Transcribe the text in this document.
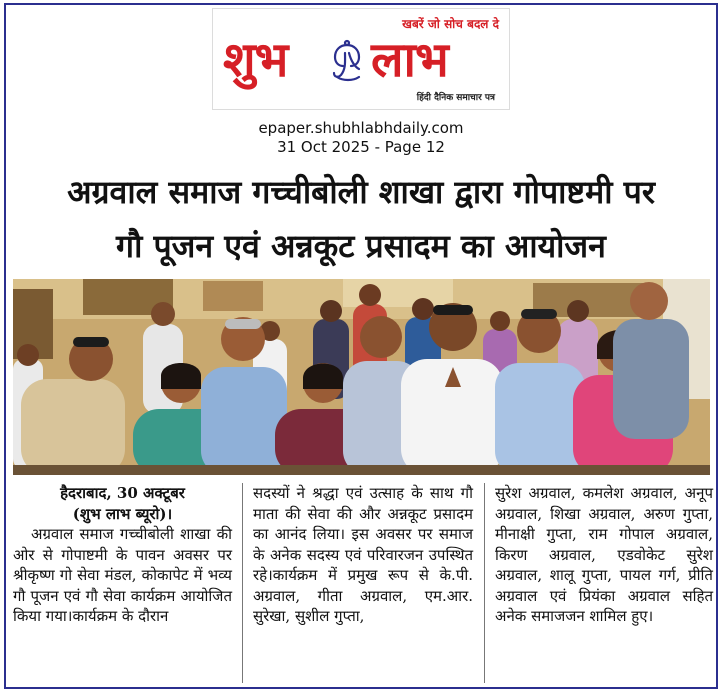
खबरें जो सोच बदल दे
शुभ लाभ
हिंदी दैनिक समाचार पत्र
epaper.shubhlabhdaily.com
31 Oct 2025 - Page 12
अग्रवाल समाज गच्चीबोली शाखा द्वारा गोपाष्टमी पर
गौ पूजन एवं अन्नकूट प्रसादम का आयोजन
हैदराबाद, 30 अक्टूबर
(शुभ लाभ ब्यूरो)।
अग्रवाल समाज गच्चीबोली शाखा की ओर से गोपाष्टमी के पावन अवसर पर श्रीकृष्ण गो सेवा मंडल, कोकापेट में भव्य गौ पूजन एवं गौ सेवा कार्यक्रम आयोजित किया गया।कार्यक्रम के दौरान
सदस्यों ने श्रद्धा एवं उत्साह के साथ गौ माता की सेवा की और अन्नकूट प्रसादम का आनंद लिया। इस अवसर पर समाज के अनेक सदस्य एवं परिवारजन उपस्थित रहे।कार्यक्रम में प्रमुख रूप से के.पी. अग्रवाल, गीता अग्रवाल, एम.आर. सुरेखा, सुशील गुप्ता,
सुरेश अग्रवाल, कमलेश अग्रवाल, अनूप अग्रवाल, शिखा अग्रवाल, अरुण गुप्ता, मीनाक्षी गुप्ता, राम गोपाल अग्रवाल, किरण अग्रवाल, एडवोकेट सुरेश अग्रवाल, शालू गुप्ता, पायल गर्ग, प्रीति अग्रवाल एवं प्रियंका अग्रवाल सहित अनेक समाजजन शामिल हुए।
